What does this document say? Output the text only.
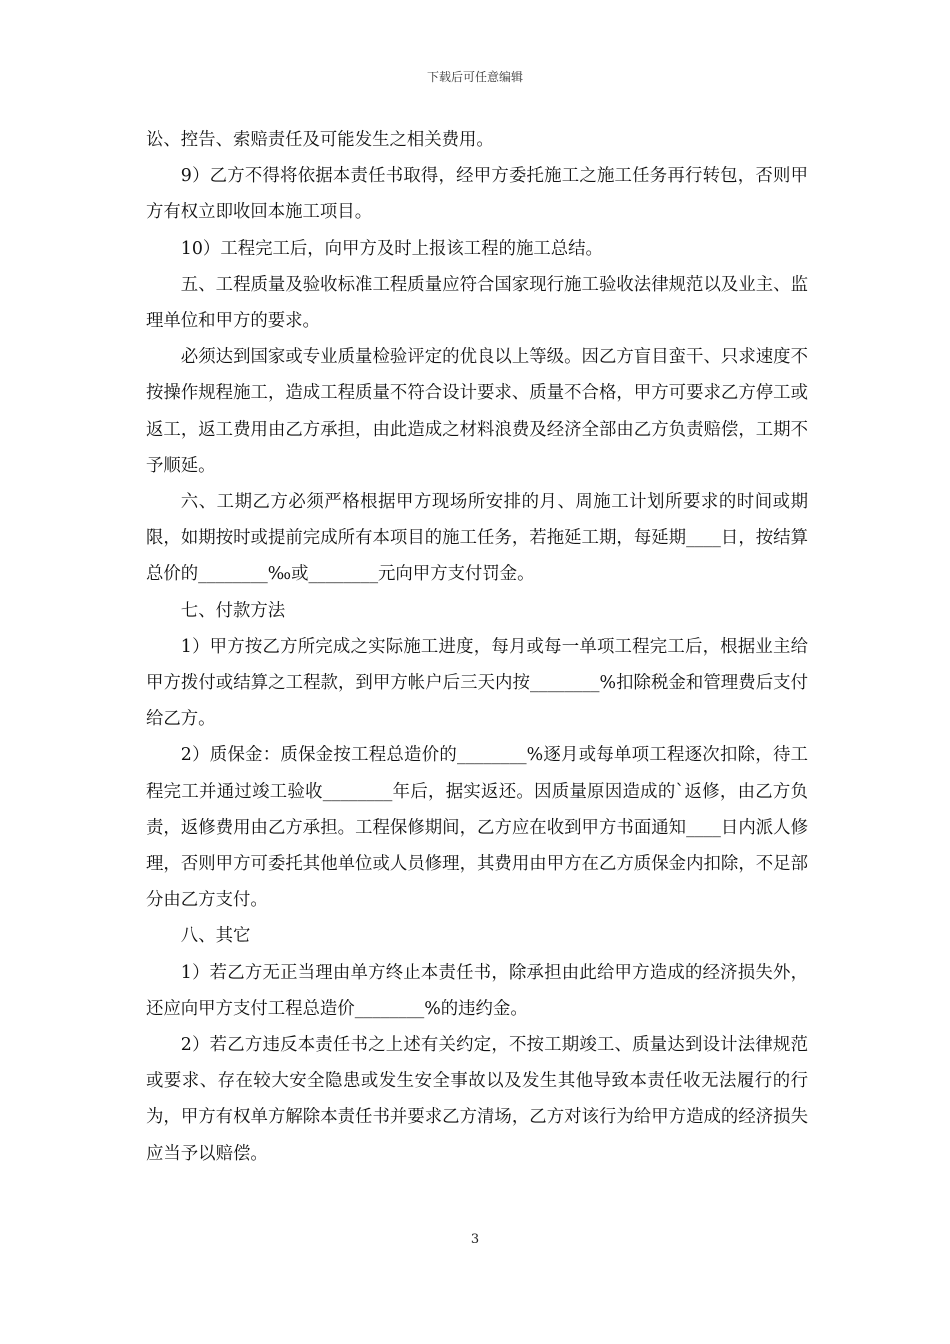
下载后可任意编辑

讼、控告、索赔责任及可能发生之相关费用。

9）乙方不得将依据本责任书取得，经甲方委托施工之施工任务再行转包，否则甲方有权立即收回本施工项目。

10）工程完工后，向甲方及时上报该工程的施工总结。

五、工程质量及验收标准工程质量应符合国家现行施工验收法律规范以及业主、监理单位和甲方的要求。

必须达到国家或专业质量检验评定的优良以上等级。因乙方盲目蛮干、只求速度不按操作规程施工，造成工程质量不符合设计要求、质量不合格，甲方可要求乙方停工或返工，返工费用由乙方承担，由此造成之材料浪费及经济全部由乙方负责赔偿，工期不予顺延。

六、工期乙方必须严格根据甲方现场所安排的月、周施工计划所要求的时间或期限，如期按时或提前完成所有本项目的施工任务，若拖延工期，每延期____日，按结算总价的________‰或________元向甲方支付罚金。

七、付款方法

1）甲方按乙方所完成之实际施工进度，每月或每一单项工程完工后，根据业主给甲方拨付或结算之工程款，到甲方帐户后三天内按________%扣除税金和管理费后支付给乙方。

2）质保金：质保金按工程总造价的________%逐月或每单项工程逐次扣除，待工程完工并通过竣工验收________年后，据实返还。因质量原因造成的`返修，由乙方负责，返修费用由乙方承担。工程保修期间，乙方应在收到甲方书面通知____日内派人修理，否则甲方可委托其他单位或人员修理，其费用由甲方在乙方质保金内扣除，不足部分由乙方支付。

八、其它

1）若乙方无正当理由单方终止本责任书，除承担由此给甲方造成的经济损失外，还应向甲方支付工程总造价________%的违约金。

2）若乙方违反本责任书之上述有关约定，不按工期竣工、质量达到设计法律规范或要求、存在较大安全隐患或发生安全事故以及发生其他导致本责任收无法履行的行为，甲方有权单方解除本责任书并要求乙方清场，乙方对该行为给甲方造成的经济损失应当予以赔偿。

3
